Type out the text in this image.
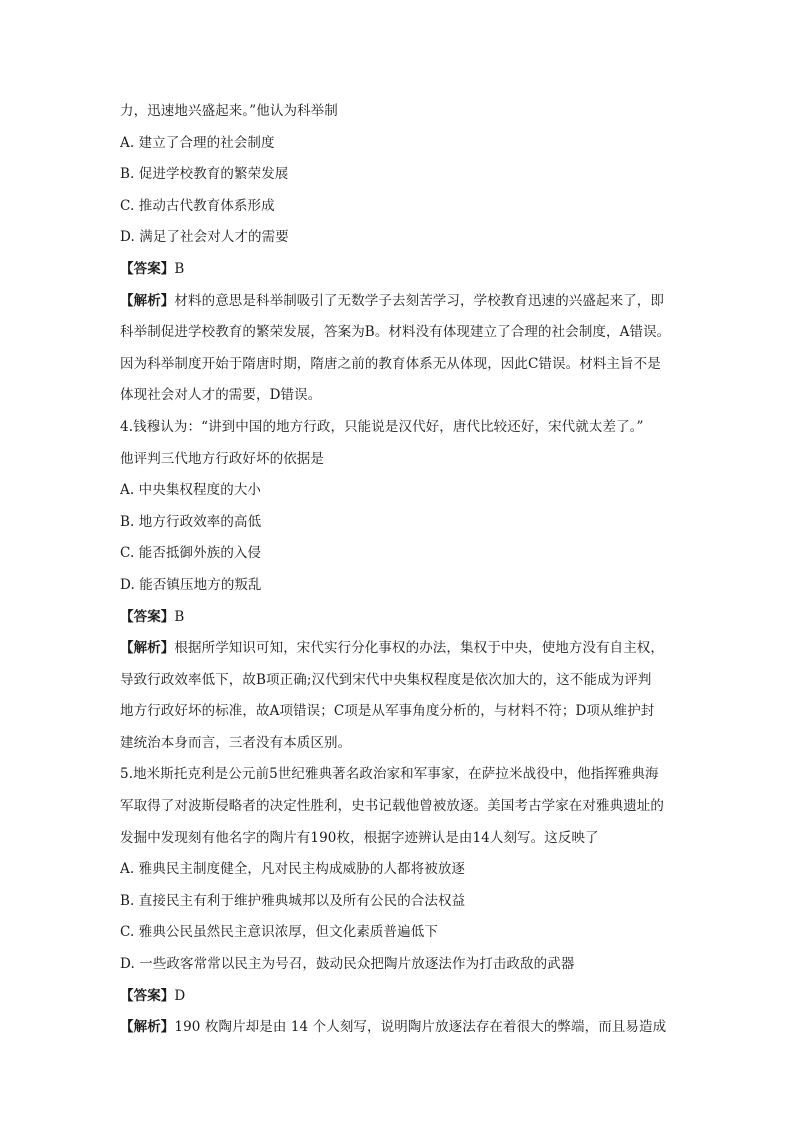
力，迅速地兴盛起来。”他认为科举制
A. 建立了合理的社会制度
B. 促进学校教育的繁荣发展
C. 推动古代教育体系形成
D. 满足了社会对人才的需要
【答案】B
【解析】材料的意思是科举制吸引了无数学子去刻苦学习，学校教育迅速的兴盛起来了，即
科举制促进学校教育的繁荣发展，答案为B。材料没有体现建立了合理的社会制度，A错误。
因为科举制度开始于隋唐时期，隋唐之前的教育体系无从体现，因此C错误。材料主旨不是
体现社会对人才的需要，D错误。
4.钱穆认为：“讲到中国的地方行政，只能说是汉代好，唐代比较还好，宋代就太差了。”
他评判三代地方行政好坏的依据是
A. 中央集权程度的大小
B. 地方行政效率的高低
C. 能否抵御外族的入侵
D. 能否镇压地方的叛乱
【答案】B
【解析】根据所学知识可知，宋代实行分化事权的办法，集权于中央，使地方没有自主权，
导致行政效率低下，故B项正确;汉代到宋代中央集权程度是依次加大的，这不能成为评判
地方行政好坏的标准，故A项错误；C项是从军事角度分析的，与材料不符；D项从维护封
建统治本身而言，三者没有本质区别。
5.地米斯托克利是公元前5世纪雅典著名政治家和军事家，在萨拉米战役中，他指挥雅典海
军取得了对波斯侵略者的决定性胜利，史书记载他曾被放逐。美国考古学家在对雅典遗址的
发掘中发现刻有他名字的陶片有190枚，根据字迹辨认是由14人刻写。这反映了
A. 雅典民主制度健全，凡对民主构成威胁的人都将被放逐
B. 直接民主有利于维护雅典城邦以及所有公民的合法权益
C. 雅典公民虽然民主意识浓厚，但文化素质普遍低下
D. 一些政客常常以民主为号召，鼓动民众把陶片放逐法作为打击政敌的武器
【答案】D
【解析】190 枚陶片却是由 14 个人刻写，说明陶片放逐法存在着很大的弊端，而且易造成
